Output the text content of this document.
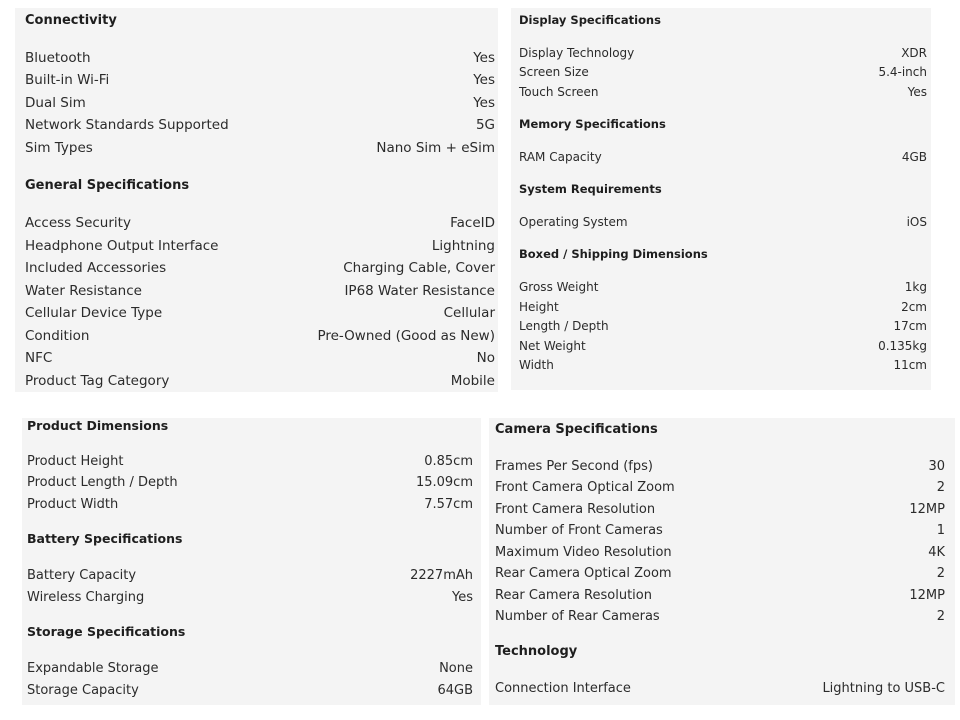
Connectivity
Bluetooth	Yes
Built-in Wi-Fi	Yes
Dual Sim	Yes
Network Standards Supported	5G
Sim Types	Nano Sim + eSim
General Specifications
Access Security	FaceID
Headphone Output Interface	Lightning
Included Accessories	Charging Cable, Cover
Water Resistance	IP68 Water Resistance
Cellular Device Type	Cellular
Condition	Pre-Owned (Good as New)
NFC	No
Product Tag Category	Mobile
Display Specifications
Display Technology	XDR
Screen Size	5.4-inch
Touch Screen	Yes
Memory Specifications
RAM Capacity	4GB
System Requirements
Operating System	iOS
Boxed / Shipping Dimensions
Gross Weight	1kg
Height	2cm
Length / Depth	17cm
Net Weight	0.135kg
Width	11cm
Product Dimensions
Product Height	0.85cm
Product Length / Depth	15.09cm
Product Width	7.57cm
Battery Specifications
Battery Capacity	2227mAh
Wireless Charging	Yes
Storage Specifications
Expandable Storage	None
Storage Capacity	64GB
Camera Specifications
Frames Per Second (fps)	30
Front Camera Optical Zoom	2
Front Camera Resolution	12MP
Number of Front Cameras	1
Maximum Video Resolution	4K
Rear Camera Optical Zoom	2
Rear Camera Resolution	12MP
Number of Rear Cameras	2
Technology
Connection Interface	Lightning to USB-C
